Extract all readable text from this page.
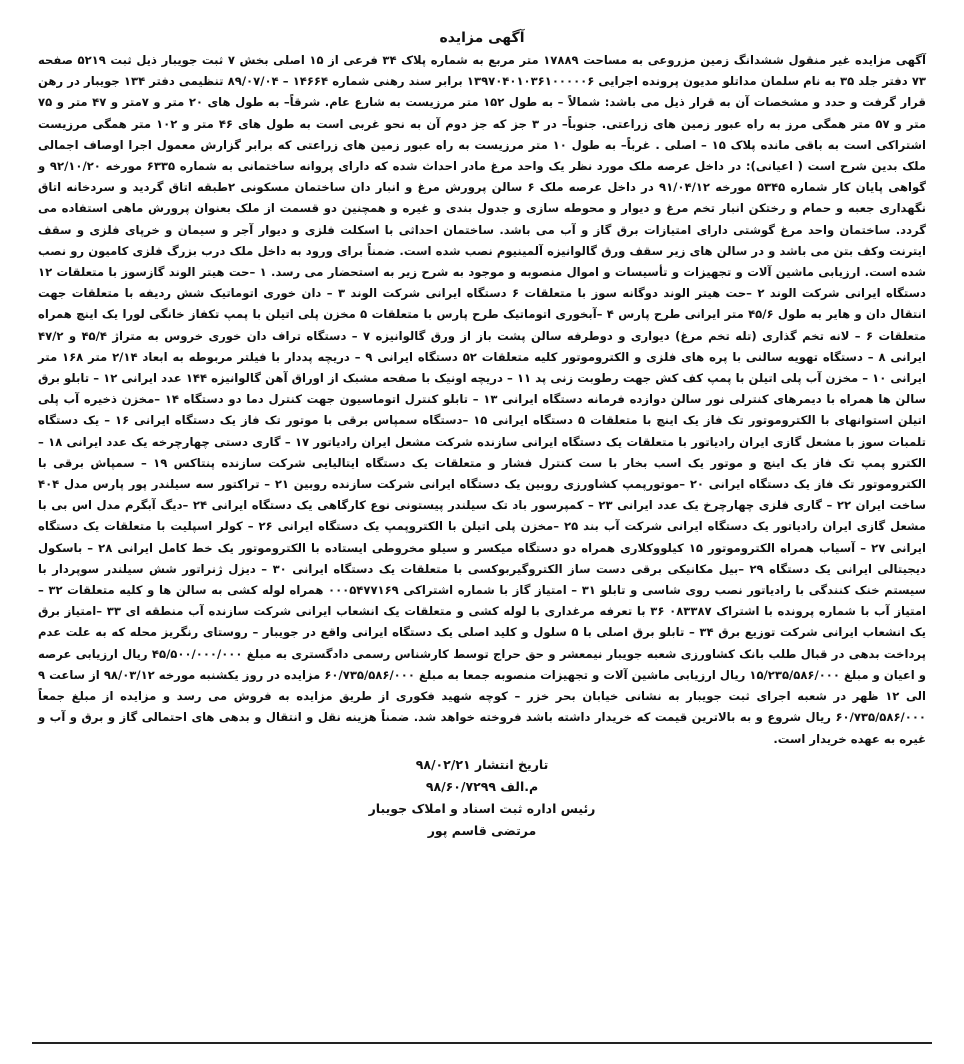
آگهی مزایده

آگهی مزایده غیر منقول ششدانگ زمین مزروعی به مساحت ۱۷۸۸۹ متر مربع به شماره پلاک ۳۴ فرعی از ۱۵ اصلی بخش ۷ ثبت جویبار ذیل ثبت ۵۲۱۹ صفحه ۷۳ دفتر جلد ۳۵ به نام سلمان مداتلو مدیون پرونده اجرایی ۱۳۹۷۰۴۰۱۰۳۶۱۰۰۰۰۰۶ برابر سند رهنی شماره ۱۴۶۶۴ – ۸۹/۰۷/۰۴ تنظیمی دفتر ۱۳۴ جویبار در رهن قرار گرفت و حدد و مشخصات آن به قرار ذیل می باشد: شمالاً – به طول ۱۵۲ متر مرزیست به شارع عام. شرقاً– به طول های ۲۰ متر و ۷متر و ۴۷ متر و ۷۵ متر و ۵۷ متر همگی مرز به راه عبور زمین های زراعتی. جنوباً– در ۳ جز که جز دوم آن به نحو غربی است به طول های ۴۶ متر و ۱۰۲ متر همگی مرزیست اشتراکی است به باقی مانده پلاک ۱۵ – اصلی . غرباً– به طول ۱۰ متر مرزیست به راه عبور زمین های زراعتی که برابر گزارش معمول اجرا اوصاف اجمالی ملک بدین شرح است ( اعیانی): در داخل عرصه ملک مورد نظر یک واحد مرغ مادر احداث شده که دارای پروانه ساختمانی به شماره ۶۳۳۵ مورخه ۹۲/۱۰/۲۰ و گواهی پایان کار شماره ۵۳۴۵ مورخه ۹۱/۰۴/۱۲ در داخل عرصه ملک ۶ سالن پرورش مرغ و انبار دان ساختمان مسکونی ۲طبقه اتاق گردید و سردخانه اتاق نگهداری جعبه و حمام و رختکن انبار تخم مرغ و دیوار و محوطه سازی و جدول بندی و غیره و همچنین دو قسمت از ملک بعنوان پرورش ماهی استفاده می گردد. ساختمان واحد مرغ گوشتی دارای امتیازات برق گاز و آب می باشد. ساختمان احداثی با اسکلت فلزی و دیوار آجر و سیمان و خرپای فلزی و سقف ایترنت وکف بتن می باشد و در سالن های زیر سقف ورق گالوانیزه آلمینیوم نصب شده است. ضمناً برای ورود به داخل ملک درب بزرگ فلزی کامیون رو نصب شده است. ارزیابی ماشین آلات و تجهیزات و تأسیسات و اموال منصوبه و موجود به شرح زیر به استحضار می رسد. ۱ –حت هیتر الوند گازسوز با متعلقات ۱۲ دستگاه ایرانی شرکت الوند ۲ –حت هیتر الوند دوگانه سوز با متعلقات ۶ دستگاه ایرانی شرکت الوند ۳ – دان خوری اتوماتیک شش ردیفه با متعلقات جهت انتقال دان و هایر به طول ۴۵/۶ متر ایرانی طرح پارس ۴ –آبخوری اتوماتیک طرح پارس با متعلقات ۵ مخزن پلی اتیلن با پمپ تکفاز خانگی لورا یک اینچ همراه متعلقات ۶ – لانه تخم گذاری (تله تخم مرغ) دیواری و دوطرفه سالن پشت باز از ورق گالوانیزه ۷ – دستگاه تراف دان خوری خروس به متراژ ۴۵/۴ و ۴۷/۲ ایرانی ۸ – دستگاه تهویه سالنی با پره های فلزی و الکتروموتور کلیه متعلقات ۵۲ دستگاه ایرانی ۹ – دریچه پددار با فیلتر مربوطه به ابعاد ۲/۱۴ متر ۱۶۸ متر ایرانی ۱۰ – مخزن آب پلی اتیلن با پمپ کف کش جهت رطوبت زنی پد ۱۱ – دریچه اونیک با صفحه مشبک از اوراق آهن گالوانیزه ۱۴۴ عدد ایرانی ۱۲ – تابلو برق سالن ها همراه با دیمرهای کنترلی نور سالن دوازده فرمانه دستگاه ایرانی ۱۳ – تابلو کنترل اتوماسیون جهت کنترل دما دو دستگاه ۱۴ –مخزن ذخیره آب پلی اتیلن استوانهای با الکتروموتور تک فاز یک اینچ با متعلقات ۵ دستگاه ایرانی ۱۵ –دستگاه سمپاس برقی با موتور تک فاز یک دستگاه ایرانی ۱۶ – یک دستگاه تلمبات سوز با مشعل گازی ایران رادیاتور با متعلقات یک دستگاه ایرانی سازنده شرکت مشعل ایران رادیاتور ۱۷ – گاری دستی چهارچرخه یک عدد ایرانی ۱۸ –الکترو پمپ تک فاز یک اینچ و موتور یک اسب بخار با ست کنترل فشار و متعلقات یک دستگاه ایتالیایی شرکت سازنده پنتاکس ۱۹ – سمپاش برقی با الکتروموتور تک فاز یک دستگاه ایرانی ۲۰ –موتورپمپ کشاورزی روبین یک دستگاه ایرانی شرکت سازنده روبین ۲۱ – تراکتور سه سیلندر پور پارس مدل ۴۰۴ ساخت ایران ۲۲ – گاری فلزی چهارچرخ یک عدد ایرانی ۲۳ – کمپرسور باد تک سیلندر پیستونی نوع کارگاهی یک دستگاه ایرانی ۲۴ –دیگ آبگرم مدل اس بی با مشعل گازی ایران رادیاتور یک دستگاه ایرانی شرکت آب بند ۲۵ –مخزن پلی اتیلن با الکتروپمپ یک دستگاه ایرانی ۲۶ – کولر اسپلیت با متعلقات یک دستگاه ایرانی ۲۷ – آسیاب همراه الکتروموتور ۱۵ کیلووکلاری همراه دو دستگاه میکسر و سیلو مخروطی ایستاده با الکتروموتور یک خط کامل ایرانی ۲۸ – باسکول دیجیتالی ایرانی یک دستگاه ۲۹ –بیل مکانیکی برقی دست ساز الکتروگیربوکسی با متعلقات یک دستگاه ایرانی ۳۰ – دیزل ژنراتور شش سیلندر سوپردار با سیستم خنک کنندگی با رادیاتور نصب روی شاسی و تابلو ۳۱ – امتیاز گاز با شماره اشتراکی ۰۰۰۵۴۷۷۱۶۹ همراه لوله کشی به سالن ها و کلیه متعلقات ۳۲ – امتیاز آب با شماره پرونده با اشتراک ۰۸۳۳۸۷ ۳۶ با تعرفه مرغداری با لوله کشی و متعلقات یک انشعاب ایرانی شرکت سازنده آب منطقه ای ۳۳ –امتیاز برق یک انشعاب ایرانی شرکت توزیع برق ۳۴ – تابلو برق اصلی با ۵ سلول و کلید اصلی یک دستگاه ایرانی واقع در جویبار – روستای رنگریز محله که به علت عدم پرداخت بدهی در قبال طلب بانک کشاورزی شعبه جویبار نیمعشر و حق حراج توسط کارشناس رسمی دادگستری به مبلغ ۴۵/۵۰۰/۰۰۰/۰۰۰ ریال ارزیابی عرصه و اعیان و مبلغ ۱۵/۲۳۵/۵۸۶/۰۰۰ ریال ارزیابی ماشین آلات و تجهیزات منصوبه جمعا به مبلغ ۶۰/۷۳۵/۵۸۶/۰۰۰ مزایده در روز یکشنبه مورخه ۹۸/۰۳/۱۲ از ساعت ۹ الی ۱۲ ظهر در شعبه اجرای ثبت جویبار به نشانی خیابان بحر خزر – کوچه شهید فکوری از طریق مزایده به فروش می رسد و مزایده از مبلغ جمعاً ۶۰/۷۳۵/۵۸۶/۰۰۰ ریال شروع و به بالاترین قیمت که خریدار داشته باشد فروخته خواهد شد. ضمناً هزینه نقل و انتقال و بدهی های احتمالی گاز و برق و آب و غیره به عهده خریدار است.

تاریخ انتشار ۹۸/۰۲/۲۱
م.الف ۹۸/۶۰/۷۲۹۹
رئیس اداره ثبت اسناد و املاک جویبار
مرتضی قاسم پور
